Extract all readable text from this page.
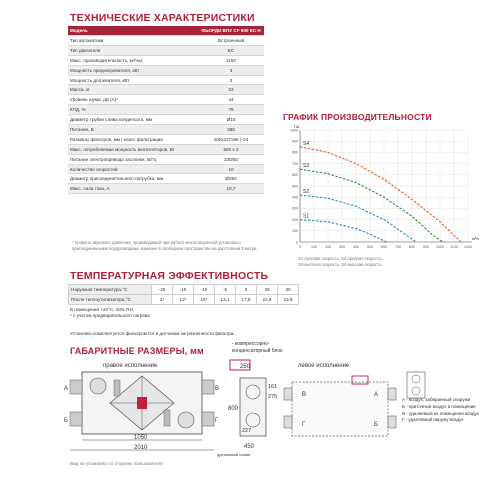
ТЕХНИЧЕСКИЕ ХАРАКТЕРИСТИКИ
Модель	ФЬОРДИ ВПУ CF 900 EC H
Тип автоматики	Встроенный
Тип двигателя	EC
Макс. производительность, м³/час	1150
Мощность преднагревателя, кВт	3
Мощность догревателя, кВт	3
Масса, кг	53
Уровень шума, дБ (А)*	44
КПД, %	78
Диаметр трубки слива конденсата, мм	Ø10
Питание, В	380
Размеры фильтров, мм | класс фильтрации	400х227х88 | G4
Макс. потребляемая мощность вентиляторов, Вт	500 х 2
Питание электропривода заслонки, В/Гц	230/50
Количество скоростей	10
Диаметр присоединительного патрубка, мм	Ø250
Макс. сила тока, А	10,7
* Уровень звукового давления, производимый при работе вентиляционной установки с присоединенными воздуховодами, измерен в свободном пространстве на расстоянии 3 метра.
ГРАФИК ПРОИЗВОДИТЕЛЬНОСТИ
0	100 200 300 400 500 600 700 800 900 1000 1100 1200
0
100
200
300
400
500
600
700
800
900
1000
Па
м³/ч
S4
S3
S2
S1
S1-нулевая скорость, S2-средняя скорость,
S3-высокая скорость, S4-высшая скорость
ТЕМПЕРАТУРНАЯ ЭФФЕКТИВНОСТЬ
Наружная температура,°С	-25	-15	-10	-5	0	25	30
После теплоутилизатора,°С	2*	12*	16*	13,1	17,8	22,9	23,9
В помещении +22°С, 20% RH.
* с учетом предварительного нагрева
Установка комплектуется фильтром G4 и датчиком загрязненности фильтра.
ГАБАРИТНЫЕ РАЗМЕРЫ, мм
- компрессорно-
конденсаторный блок
правое исполнение	левое исполнение
А
Б
В
Г
1050
2010
250
800
275
161
227
450
дренажный шланг
В
Г
А
Б
А - воздух, забираемый снаружи
Б - приточный воздух в помещение
В - удаляемый из помещения воздух
Г - удаляемый наружу воздух
Вид на установку со стороны пользователя
